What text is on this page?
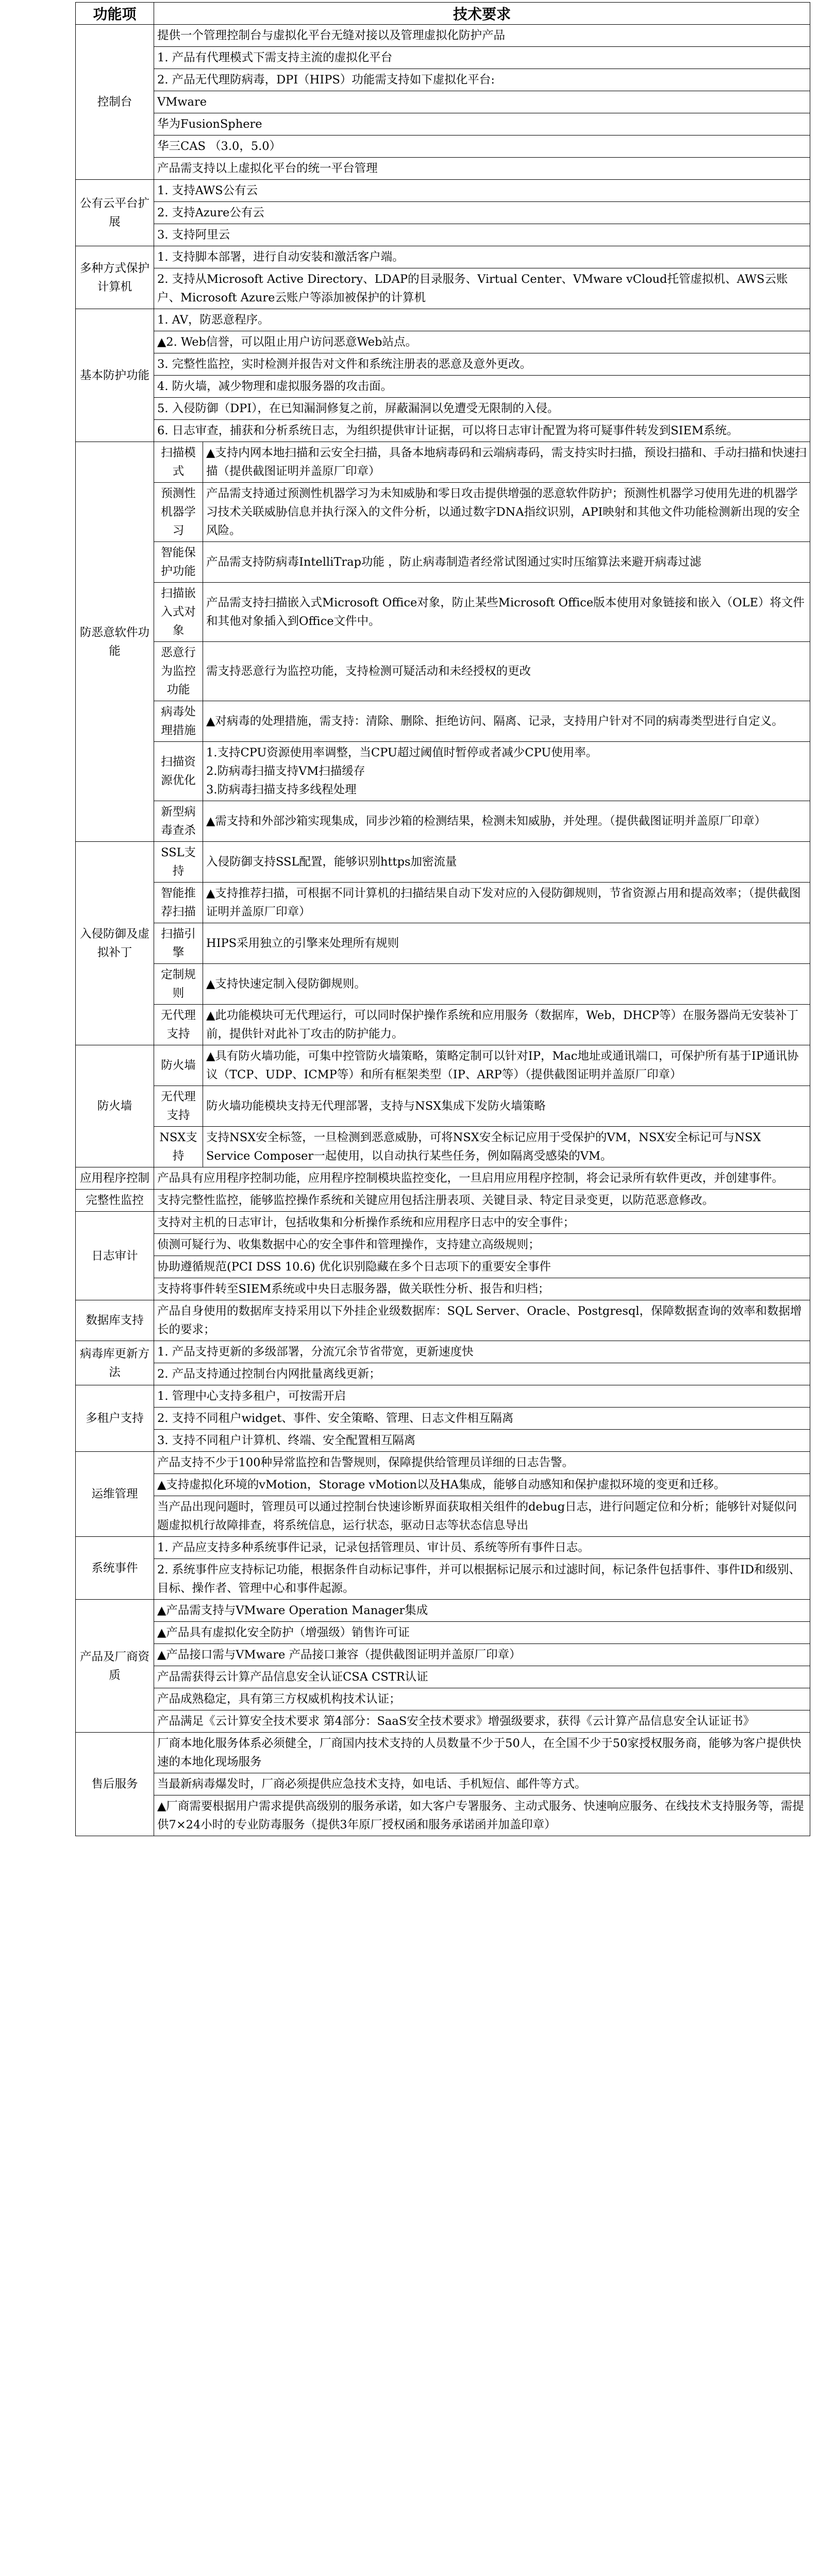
功能项	技术要求	
控制台	提供一个管理控制台与虚拟化平台无缝对接以及管理虚拟化防护产品	
	1. 产品有代理模式下需支持主流的虚拟化平台	
	2. 产品无代理防病毒，DPI（HIPS）功能需支持如下虚拟化平台:	
	VMware	
	华为FusionSphere	
	华三CAS （3.0，5.0）	
	产品需支持以上虚拟化平台的统一平台管理	
公有云平台扩展	1. 支持AWS公有云	
	2. 支持Azure公有云	
	3. 支持阿里云	
多种方式保护计算机	1. 支持脚本部署，进行自动安装和激活客户端。	
	2. 支持从Microsoft Active Directory、LDAP的目录服务、Virtual Center、VMware vCloud托管虚拟机、AWS云账户、Microsoft Azure云账户等添加被保护的计算机	
基本防护功能	1. AV，防恶意程序。	
	▲2. Web信誉，可以阻止用户访问恶意Web站点。	
	3. 完整性监控，实时检测并报告对文件和系统注册表的恶意及意外更改。	
	4. 防火墙，减少物理和虚拟服务器的攻击面。	
	5. 入侵防御（DPI），在已知漏洞修复之前，屏蔽漏洞以免遭受无限制的入侵。	
	6. 日志审查，捕获和分析系统日志，为组织提供审计证据，可以将日志审计配置为将可疑事件转发到SIEM系统。	
防恶意软件功能	扫描模式	▲支持内网本地扫描和云安全扫描，具备本地病毒码和云端病毒码，需支持实时扫描，预设扫描和、手动扫描和快速扫描（提供截图证明并盖原厂印章）
	预测性机器学习	产品需支持通过预测性机器学习为未知威胁和零日攻击提供增强的恶意软件防护；预测性机器学习使用先进的机器学习技术关联威胁信息并执行深入的文件分析，以通过数字DNA指纹识别，API映射和其他文件功能检测新出现的安全风险。
	智能保护功能	产品需支持防病毒IntelliTrap功能 ，防止病毒制造者经常试图通过实时压缩算法来避开病毒过滤
	扫描嵌入式对象	产品需支持扫描嵌入式Microsoft Office对象，防止某些Microsoft Office版本使用对象链接和嵌入（OLE）将文件和其他对象插入到Office文件中。
	恶意行为监控功能	需支持恶意行为监控功能，支持检测可疑活动和未经授权的更改
	病毒处理措施	▲对病毒的处理措施，需支持：清除、删除、拒绝访问、隔离、记录，支持用户针对不同的病毒类型进行自定义。
	扫描资源优化	1.支持CPU资源使用率调整，当CPU超过阈值时暂停或者减少CPU使用率。
2.防病毒扫描支持VM扫描缓存
3.防病毒扫描支持多线程处理
	新型病毒查杀	▲需支持和外部沙箱实现集成，同步沙箱的检测结果，检测未知威胁，并处理。（提供截图证明并盖原厂印章）
入侵防御及虚拟补丁	SSL支持	入侵防御支持SSL配置，能够识别https加密流量
	智能推荐扫描	▲支持推荐扫描，可根据不同计算机的扫描结果自动下发对应的入侵防御规则，节省资源占用和提高效率；（提供截图证明并盖原厂印章）
	扫描引擎	HIPS采用独立的引擎来处理所有规则
	定制规则	▲支持快速定制入侵防御规则。
	无代理支持	▲此功能模块可无代理运行，可以同时保护操作系统和应用服务（数据库，Web，DHCP等）在服务器尚无安装补丁前，提供针对此补丁攻击的防护能力。
防火墙	防火墙	▲具有防火墙功能，可集中控管防火墙策略，策略定制可以针对IP，Mac地址或通讯端口，可保护所有基于IP通讯协议（TCP、UDP、ICMP等）和所有框架类型（IP、ARP等）（提供截图证明并盖原厂印章）
	无代理支持	防火墙功能模块支持无代理部署，支持与NSX集成下发防火墙策略
	NSX支持	支持NSX安全标签，一旦检测到恶意威胁，可将NSX安全标记应用于受保护的VM，NSX安全标记可与NSX Service Composer一起使用，以自动执行某些任务，例如隔离受感染的VM。
应用程序控制	产品具有应用程序控制功能，应用程序控制模块监控变化，一旦启用应用程序控制，将会记录所有软件更改，并创建事件。	
完整性监控	支持完整性监控，能够监控操作系统和关键应用包括注册表项、关键目录、特定目录变更，以防范恶意修改。	
日志审计	支持对主机的日志审计，包括收集和分析操作系统和应用程序日志中的安全事件；	
	侦测可疑行为、收集数据中心的安全事件和管理操作，支持建立高级规则；	
	协助遵循规范(PCI DSS 10.6) 优化识别隐藏在多个日志项下的重要安全事件	
	支持将事件转至SIEM系统或中央日志服务器，做关联性分析、报告和归档；	
数据库支持	产品自身使用的数据库支持采用以下外挂企业级数据库：SQL Server、Oracle、Postgresql，保障数据查询的效率和数据增长的要求；	
病毒库更新方法	1. 产品支持更新的多级部署，分流冗余节省带宽，更新速度快	
	2. 产品支持通过控制台内网批量离线更新；	
多租户支持	1. 管理中心支持多租户，可按需开启	
	2. 支持不同租户widget、事件、安全策略、管理、日志文件相互隔离	
	3. 支持不同租户计算机、终端、安全配置相互隔离	
运维管理	产品支持不少于100种异常监控和告警规则，保障提供给管理员详细的日志告警。	
	▲支持虚拟化环境的vMotion，Storage vMotion以及HA集成，能够自动感知和保护虚拟环境的变更和迁移。	
	当产品出现问题时，管理员可以通过控制台快速诊断界面获取相关组件的debug日志，进行问题定位和分析；能够针对疑似问题虚拟机行故障排查，将系统信息，运行状态，驱动日志等状态信息导出	
系统事件	1. 产品应支持多种系统事件记录，记录包括管理员、审计员、系统等所有事件日志。	
	2. 系统事件应支持标记功能，根据条件自动标记事件，并可以根据标记展示和过滤时间，标记条件包括事件、事件ID和级别、目标、操作者、管理中心和事件起源。	
产品及厂商资质	▲产品需支持与VMware Operation Manager集成	
	▲产品具有虚拟化安全防护（增强级）销售许可证	
	▲产品接口需与VMware 产品接口兼容（提供截图证明并盖原厂印章）	
	产品需获得云计算产品信息安全认证CSA CSTR认证	
	产品成熟稳定，具有第三方权威机构技术认证；	
	产品满足《云计算安全技术要求 第4部分：SaaS安全技术要求》增强级要求，获得《云计算产品信息安全认证证书》	
售后服务	厂商本地化服务体系必须健全，厂商国内技术支持的人员数量不少于50人，在全国不少于50家授权服务商，能够为客户提供快速的本地化现场服务	
	当最新病毒爆发时，厂商必须提供应急技术支持，如电话、手机短信、邮件等方式。	
	▲厂商需要根据用户需求提供高级别的服务承诺，如大客户专署服务、主动式服务、快速响应服务、在线技术支持服务等，需提供7×24小时的专业防毒服务（提供3年原厂授权函和服务承诺函并加盖印章）	
